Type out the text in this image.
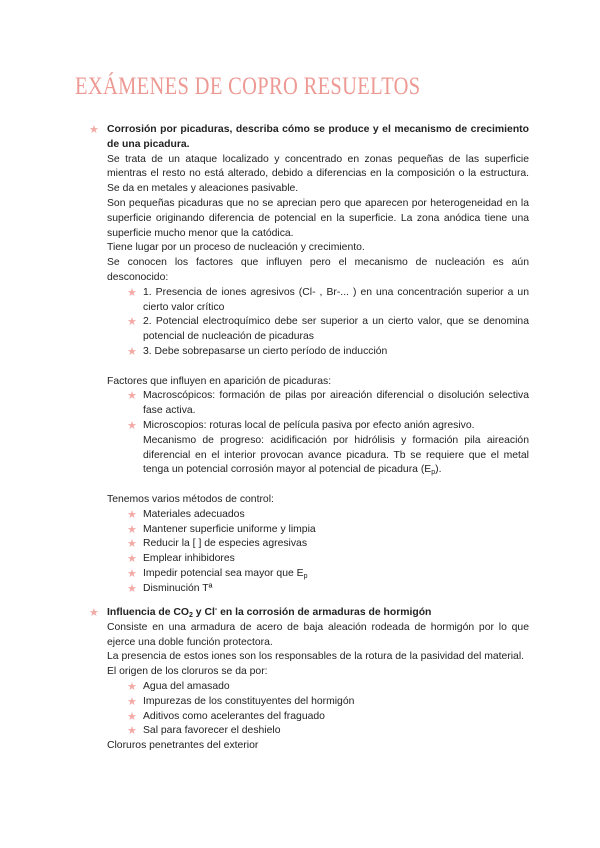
EXÁMENES DE COPRO RESUELTOS
★ Corrosión por picaduras, describa cómo se produce y el mecanismo de crecimiento de una picadura.

Se trata de un ataque localizado y concentrado en zonas pequeñas de las superficie mientras el resto no está alterado, debido a diferencias en la composición o la estructura. Se da en metales y aleaciones pasivable.

Son pequeñas picaduras que no se aprecian pero que aparecen por heterogeneidad en la superficie originando diferencia de potencial en la superficie. La zona anódica tiene una superficie mucho menor que la catódica.

Tiene lugar por un proceso de nucleación y crecimiento.

Se conocen los factores que influyen pero el mecanismo de nucleación es aún desconocido:

★ 1. Presencia de iones agresivos (Cl- , Br-... ) en una concentración superior a un cierto valor crítico
★ 2. Potencial electroquímico debe ser superior a un cierto valor, que se denomina potencial de nucleación de picaduras
★ 3. Debe sobrepasarse un cierto período de inducción

Factores que influyen en aparición de picaduras:

★ Macroscópicos: formación de pilas por aireación diferencial o disolución selectiva fase activa.
★ Microscopios: roturas local de película pasiva por efecto anión agresivo.
Mecanismo de progreso: acidificación por hidrólisis y formación pila aireación diferencial en el interior provocan avance picadura. Tb se requiere que el metal tenga un potencial corrosión mayor al potencial de picadura $(E_p)$.

Tenemos varios métodos de control:

★ Materiales adecuados
★ Mantener superficie uniforme y limpia
★ Reducir la [ ] de especies agresivas
★ Emplear inhibidores
★ Impedir potencial sea mayor que $E_p$
★ Disminución Tª
★ Influencia de $CO_2$ y Cl- en la corrosión de armaduras de hormigón

Consiste en una armadura de acero de baja aleación rodeada de hormigón por lo que ejerce una doble función protectora.

La presencia de estos iones son los responsables de la rotura de la pasividad del material.

El origen de los cloruros se da por:

★ Agua del amasado
★ Impurezas de los constituyentes del hormigón
★ Aditivos como acelerantes del fraguado
★ Sal para favorecer el deshielo

Cloruros penetrantes del exterior
